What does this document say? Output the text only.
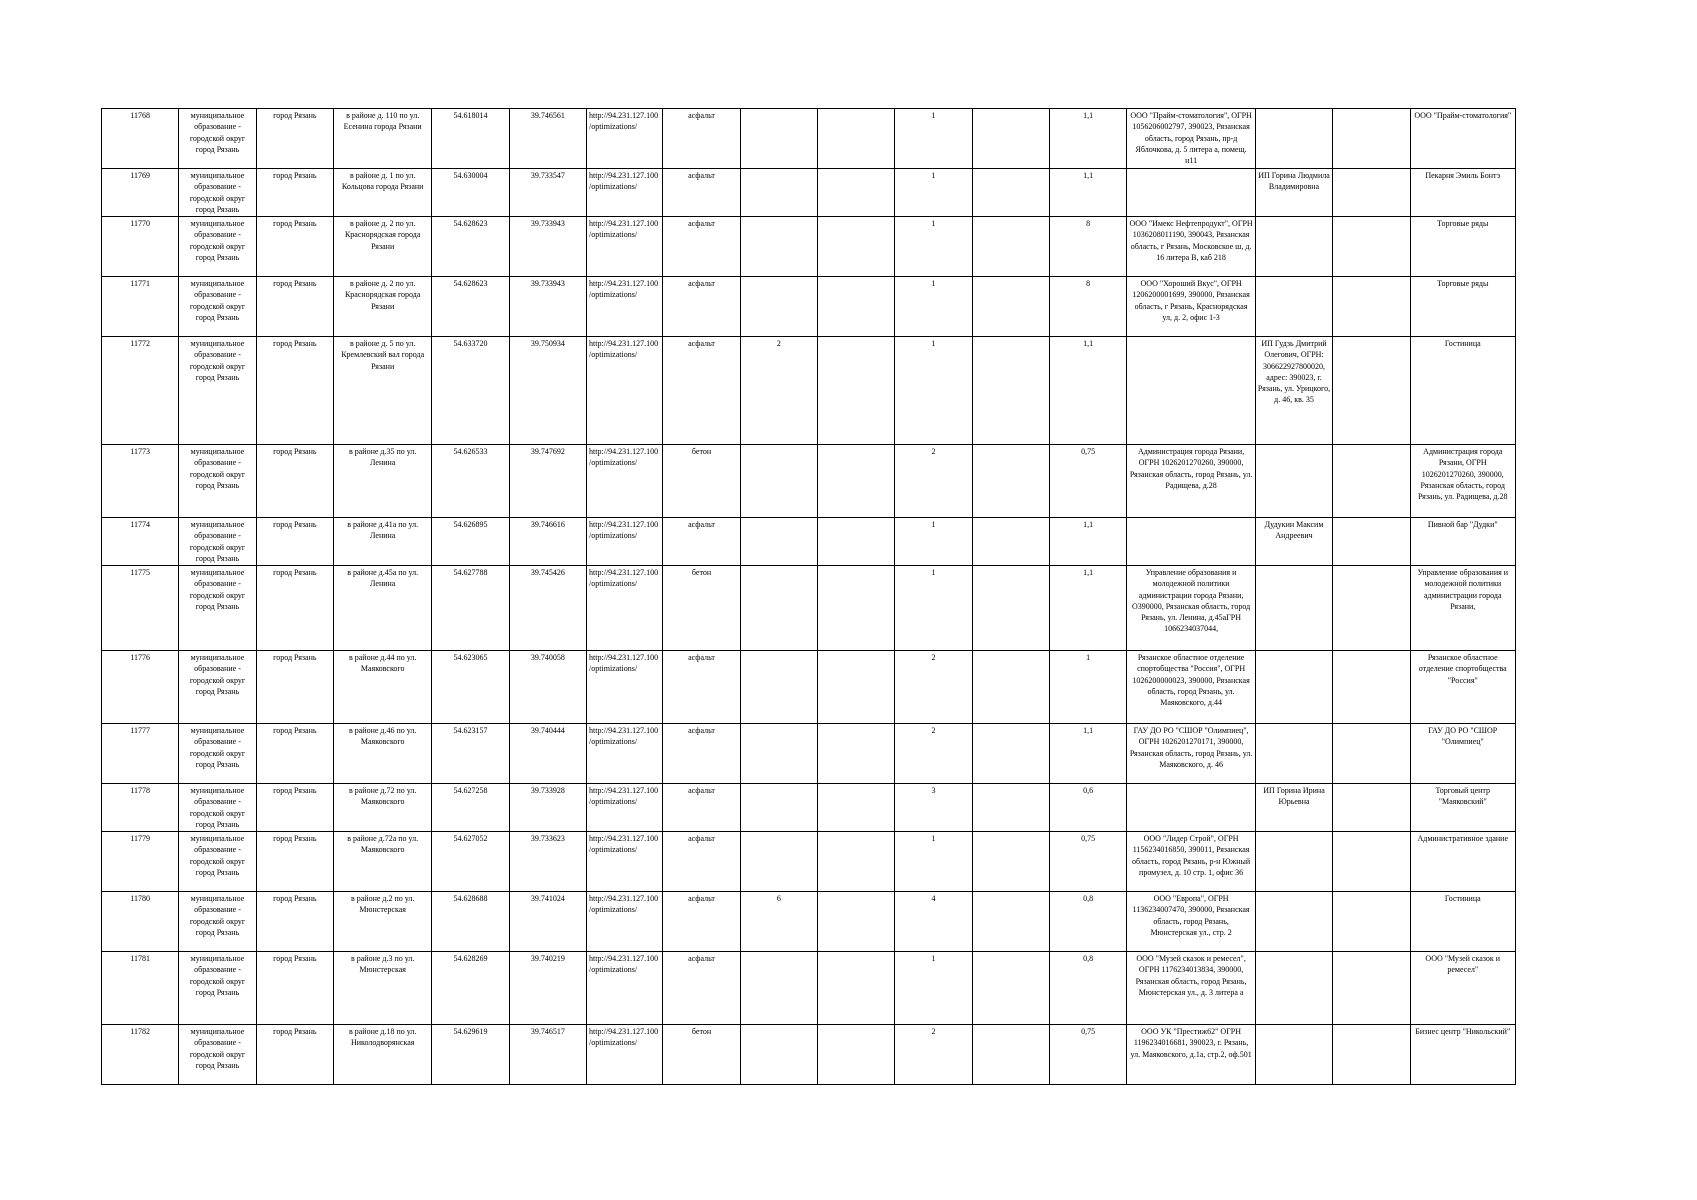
11768	муниципальное образование - городской округ город Рязань	город Рязань	в районе д. 110 по ул. Есенина города Рязани	54.618014	39.746561	http://94.231.127.100/optimizations/	асфальт			1		1,1	ООО "Прайм-стоматология", ОГРН 1056206002797, 390023, Рязанская область, город Рязань, пр-д Яблочкова, д. 5 литера а, помещ. н11			ООО "Прайм-стоматология"
11769	муниципальное образование - городской округ город Рязань	город Рязань	в районе д. 1 по ул. Кольцова города Рязани	54.630004	39.733547	http://94.231.127.100/optimizations/	асфальт			1		1,1		ИП Горина Людмила Владимировна		Пекарня Эмиль Бонтэ
11770	муниципальное образование - городской округ город Рязань	город Рязань	в районе д. 2 по ул. Краснорядская города Рязани	54.628623	39.733943	http://94.231.127.100/optimizations/	асфальт			1		8	ООО "Имекс Нефтепродукт", ОГРН 1036208011190, 390043, Рязанская область, г Рязань, Московское ш, д. 16 литера В, каб 218			Торговые ряды
11771	муниципальное образование - городской округ город Рязань	город Рязань	в районе д. 2 по ул. Краснорядская города Рязани	54.628623	39.733943	http://94.231.127.100/optimizations/	асфальт			1		8	ООО "Хороший Вкус", ОГРН 1206200001699, 390000, Рязанская область, г Рязань, Краснорядская ул, д. 2, офис 1-3			Торговые ряды
11772	муниципальное образование - городской округ город Рязань	город Рязань	в районе д. 5 по ул. Кремлевский вал города Рязани	54.633720	39.750934	http://94.231.127.100/optimizations/	асфальт	2		1		1,1		ИП Гудзь Дмитрий Олегович, ОГРН: 306622927800020, адрес: 390023, г. Рязань, ул. Урицкого, д. 46, кв. 35		Гостиница
11773	муниципальное образование - городской округ город Рязань	город Рязань	в районе д.35 по ул. Ленина	54.626533	39.747692	http://94.231.127.100/optimizations/	бетон			2		0,75	Администрация города Рязани, ОГРН 1026201270260, 390000, Рязанская область, город Рязань, ул. Радищева, д.28			Администрация города Рязани, ОГРН 1026201270260, 390000, Рязанская область, город Рязань, ул. Радищева, д.28
11774	муниципальное образование - городской округ город Рязань	город Рязань	в районе д.41а по ул. Ленина	54.626895	39.746616	http://94.231.127.100/optimizations/	асфальт			1		1,1		Дудукин Максим Андреевич		Пивной бар "Дудки"
11775	муниципальное образование - городской округ город Рязань	город Рязань	в районе д.45а по ул. Ленина	54.627788	39.745426	http://94.231.127.100/optimizations/	бетон			1		1,1	Управление образования и молодежной политики администрации города Рязани, О390000, Рязанская область, город Рязань, ул. Ленина, д.45аГРН 1066234037044,			Управление образования и молодежной политики администрации города Рязани,
11776	муниципальное образование - городской округ город Рязань	город Рязань	в районе д.44 по ул. Маяковского	54.623065	39.740058	http://94.231.127.100/optimizations/	асфальт			2		1	Рязанское областное отделение спортобщества "Россия", ОГРН 1026200000023, 390000, Рязанская область, город Рязань, ул. Маяковского, д.44			Рязанское областное отделение спортобщества "Россия"
11777	муниципальное образование - городской округ город Рязань	город Рязань	в районе д.46 по ул. Маяковского	54.623157	39.740444	http://94.231.127.100/optimizations/	асфальт			2		1,1	ГАУ ДО РО "СШОР "Олимпиец", ОГРН 1026201270171, 390000, Рязанская область, город Рязань, ул. Маяковского, д. 46			ГАУ ДО РО "СШОР "Олимпиец"
11778	муниципальное образование - городской округ город Рязань	город Рязань	в районе д.72 по ул. Маяковского	54.627258	39.733928	http://94.231.127.100/optimizations/	асфальт			3		0,6		ИП Горина Ирина Юрьевна		Торговый центр "Маяковский"
11779	муниципальное образование - городской округ город Рязань	город Рязань	в районе д.72а по ул. Маяковского	54.627052	39.733623	http://94.231.127.100/optimizations/	асфальт			1		0,75	ООО "Лидер Строй", ОГРН 1156234016850, 390011, Рязанская область, город Рязань, р-н Южный промузел, д. 10 стр. 1, офис 36			Административное здание
11780	муниципальное образование - городской округ город Рязань	город Рязань	в районе д.2 по ул. Мюнстерская	54.628688	39.741024	http://94.231.127.100/optimizations/	асфальт	6		4		0,8	ООО "Европа", ОГРН 1136234007470, 390000, Рязанская область, город Рязань, Мюнстерская ул., стр. 2			Гостиница
11781	муниципальное образование - городской округ город Рязань	город Рязань	в районе д.3 по ул. Мюнстерская	54.628269	39.740219	http://94.231.127.100/optimizations/	асфальт			1		0,8	ООО "Музей сказок и ремесел", ОГРН 1176234013834, 390000, Рязанская область, город Рязань, Мюнстерская ул., д. 3 литера а			ООО "Музей сказок и ремесел"
11782	муниципальное образование - городской округ город Рязань	город Рязань	в районе д.18 по ул. Николодворянская	54.629619	39.746517	http://94.231.127.100/optimizations/	бетон			2		0,75	ООО УК "Престиж62" ОГРН 1196234016681, 390023, г. Рязань, ул. Маяковского, д.1а, стр.2, оф.501			Бизнес центр "Никольский"
